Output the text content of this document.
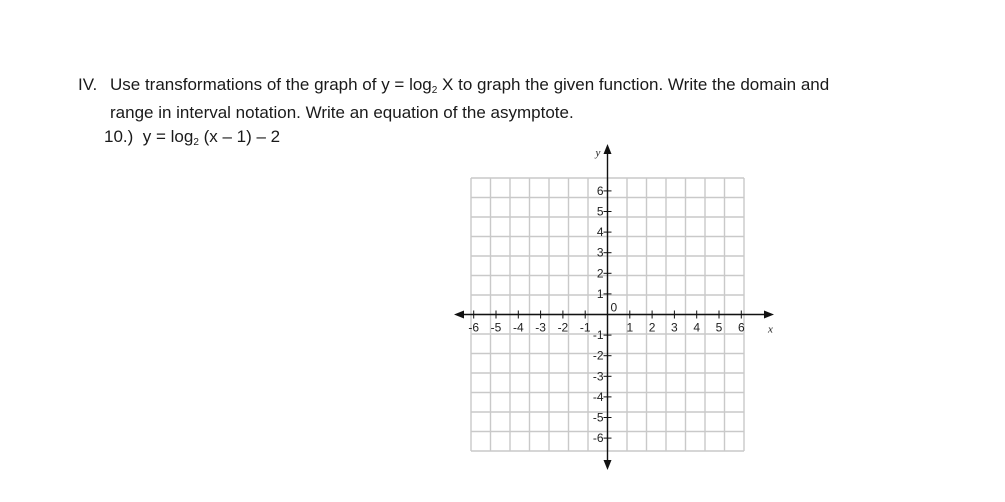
IV. Use transformations of the graph of $y = \log_2 X$ to graph the given function. Write the domain and
range in interval notation. Write an equation of the asymptote.
10.) $y = \log_2 (x - 1) - 2$
-6 -5 -4 -3 -2 -1	1 2 3 4 5 6
6
5
4
3
2
1
-1
-2
-3
-4
-5
-6
x
y
0
